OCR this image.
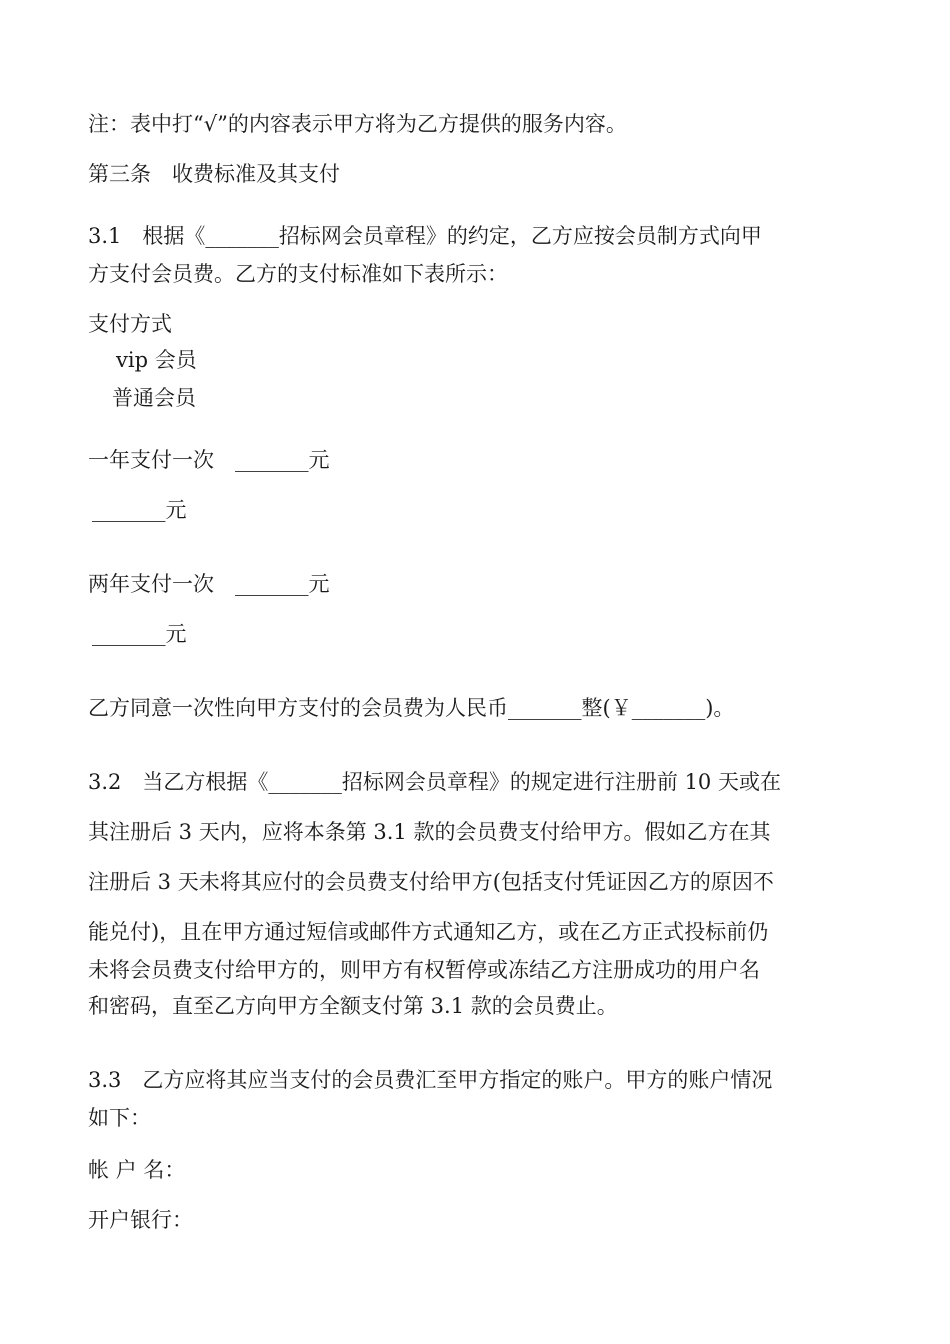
注：表中打“√”的内容表示甲方将为乙方提供的服务内容。
第三条　收费标准及其支付
3.1　根据《_______招标网会员章程》的约定，乙方应按会员制方式向甲
方支付会员费。乙方的支付标准如下表所示：
支付方式
vip 会员
普通会员
一年支付一次　_______元
_______元
两年支付一次　_______元
_______元
乙方同意一次性向甲方支付的会员费为人民币_______整(￥_______)。
3.2　当乙方根据《_______招标网会员章程》的规定进行注册前 10 天或在
其注册后 3 天内，应将本条第 3.1 款的会员费支付给甲方。假如乙方在其
注册后 3 天未将其应付的会员费支付给甲方(包括支付凭证因乙方的原因不
能兑付)，且在甲方通过短信或邮件方式通知乙方，或在乙方正式投标前仍
未将会员费支付给甲方的，则甲方有权暂停或冻结乙方注册成功的用户名
和密码，直至乙方向甲方全额支付第 3.1 款的会员费止。
3.3　乙方应将其应当支付的会员费汇至甲方指定的账户。甲方的账户情况
如下：
帐 户 名：
开户银行：
